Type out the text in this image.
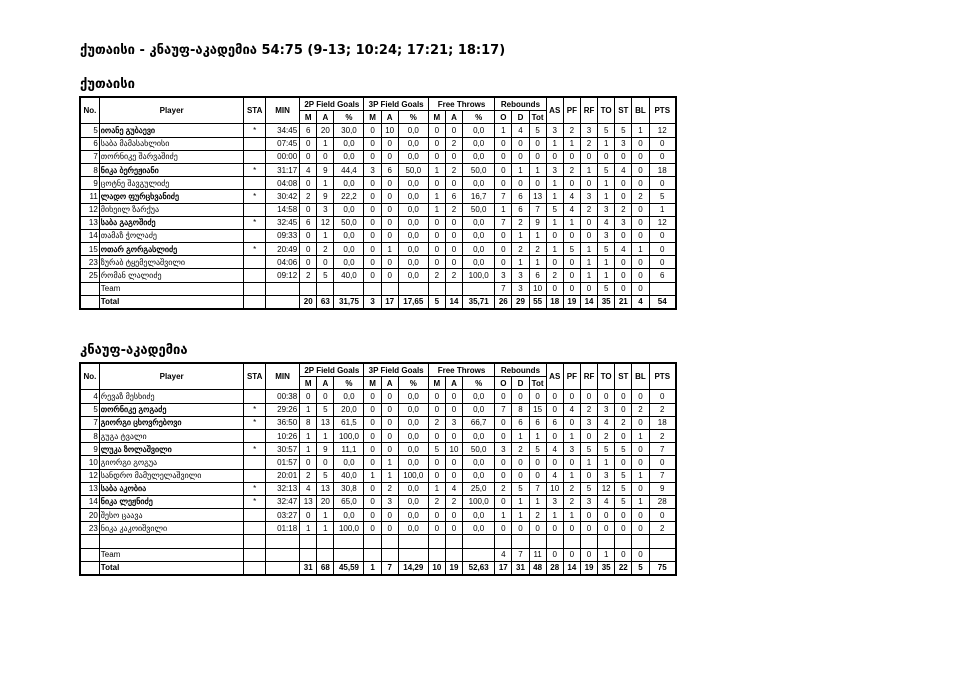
ქუთაისი - კნაუფ-აკადემია 54:75 (9-13; 10:24; 17:21; 18:17)
ქუთაისი
No.	Player	STA	MIN	2P Field Goals			3P Field Goals			Free Throws			Rebounds			AS	PF	RF	TO	ST	BL	PTS
				M	A	%	M	A	%	M	A	%	O	D	Tot							
5	იოანე გუბაევი	*	34:45	6	20	30,0	0	10	0,0	0	0	0,0	1	4	5	3	2	3	5	5	1	12
6	საბა მამასახლისი		07:45	0	1	0,0	0	0	0,0	0	2	0,0	0	0	0	1	1	2	1	3	0	0
7	თორნიკე შარვაშიძე		00:00	0	0	0,0	0	0	0,0	0	0	0,0	0	0	0	0	0	0	0	0	0	0
8	ნიკა ბერეჟიანი	*	31:17	4	9	44,4	3	6	50,0	1	2	50,0	0	1	1	3	2	1	5	4	0	18
9	ცოტნე შავგულიძე		04:08	0	1	0,0	0	0	0,0	0	0	0,0	0	0	0	1	0	0	1	0	0	0
11	ლადო ფურცხვანიძე	*	30:42	2	9	22,2	0	0	0,0	1	6	16,7	7	6	13	1	4	3	1	0	2	5
12	მიხეილ ზარქუა		14:58	0	3	0,0	0	0	0,0	1	2	50,0	1	6	7	5	4	2	3	2	0	1
13	საბა გაგოშიძე	*	32:45	6	12	50,0	0	0	0,0	0	0	0,0	7	2	9	1	1	0	4	3	0	12
14	თამაზ ჭოლაძე		09:33	0	1	0,0	0	0	0,0	0	0	0,0	0	1	1	0	0	0	3	0	0	0
15	ოთარ გორგასლიძე	*	20:49	0	2	0,0	0	1	0,0	0	0	0,0	0	2	2	1	5	1	5	4	1	0
23	ზურაბ ტყემელაშვილი		04:06	0	0	0,0	0	0	0,0	0	0	0,0	0	1	1	0	0	1	1	0	0	0
25	რომან ლალიძე		09:12	2	5	40,0	0	0	0,0	2	2	100,0	3	3	6	2	0	1	1	0	0	6
	Team												7	3	10	0	0	0	5	0	0	
	Total			20	63	31,75	3	17	17,65	5	14	35,71	26	29	55	18	19	14	35	21	4	54
კნაუფ-აკადემია
No.	Player	STA	MIN	2P Field Goals			3P Field Goals			Free Throws			Rebounds			AS	PF	RF	TO	ST	BL	PTS
				M	A	%	M	A	%	M	A	%	O	D	Tot							
4	რევაზ მესხიძე		00:38	0	0	0,0	0	0	0,0	0	0	0,0	0	0	0	0	0	0	0	0	0	0
5	თორნიკე გოგაძე	*	29:26	1	5	20,0	0	0	0,0	0	0	0,0	7	8	15	0	4	2	3	0	2	2
7	გიორგი ცხოვრებოვი	*	36:50	8	13	61,5	0	0	0,0	2	3	66,7	0	6	6	6	0	3	4	2	0	18
8	გუგა ტვალი		10:26	1	1	100,0	0	0	0,0	0	0	0,0	0	1	1	0	1	0	2	0	1	2
9	ლუკა ზოლაშვილი	*	30:57	1	9	11,1	0	0	0,0	5	10	50,0	3	2	5	4	3	5	5	5	0	7
10	გიორგი გოგუა		01:57	0	0	0,0	0	1	0,0	0	0	0,0	0	0	0	0	0	1	1	0	0	0
12	სანდრო მამულელაშვილი		20:01	2	5	40,0	1	1	100,0	0	0	0,0	0	0	0	4	1	0	3	5	1	7
13	საბა აკობია	*	32:13	4	13	30,8	0	2	0,0	1	4	25,0	2	5	7	10	2	5	12	5	0	9
14	ნიკა ლეჟნიძე	*	32:47	13	20	65,0	0	3	0,0	2	2	100,0	0	1	1	3	2	3	4	5	1	28
20	შესო ცაავა		03:27	0	1	0,0	0	0	0,0	0	0	0,0	1	1	2	1	1	0	0	0	0	0
23	ნიკა კაკოიშვილი		01:18	1	1	100,0	0	0	0,0	0	0	0,0	0	0	0	0	0	0	0	0	0	2

	Team												4	7	11	0	0	0	1	0	0	
	Total			31	68	45,59	1	7	14,29	10	19	52,63	17	31	48	28	14	19	35	22	5	75
